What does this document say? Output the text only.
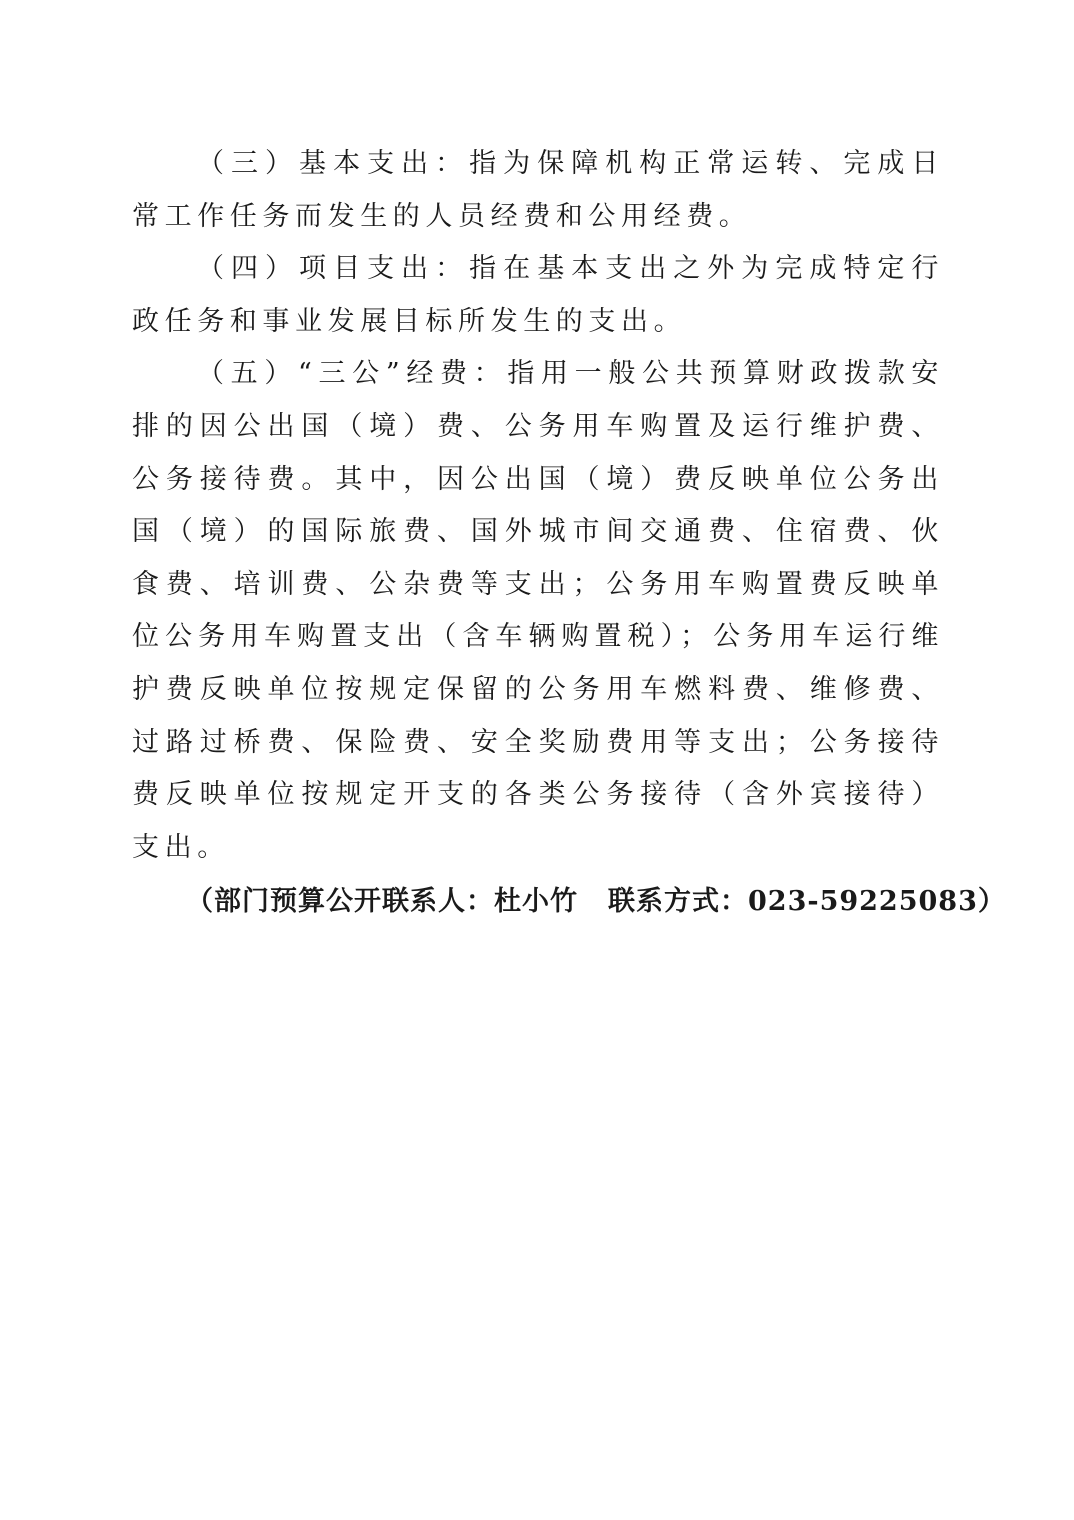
（三）基本支出：指为保障机构正常运转、完成日常工作任务而发生的人员经费和公用经费。

（四）项目支出：指在基本支出之外为完成特定行政任务和事业发展目标所发生的支出。

（五）“三公”经费：指用一般公共预算财政拨款安排的因公出国（境）费、公务用车购置及运行维护费、公务接待费。其中，因公出国（境）费反映单位公务出国（境）的国际旅费、国外城市间交通费、住宿费、伙食费、培训费、公杂费等支出；公务用车购置费反映单位公务用车购置支出（含车辆购置税）；公务用车运行维护费反映单位按规定保留的公务用车燃料费、维修费、过路过桥费、保险费、安全奖励费用等支出；公务接待费反映单位按规定开支的各类公务接待（含外宾接待）支出。

（部门预算公开联系人：杜小竹 联系方式：023-59225083）
